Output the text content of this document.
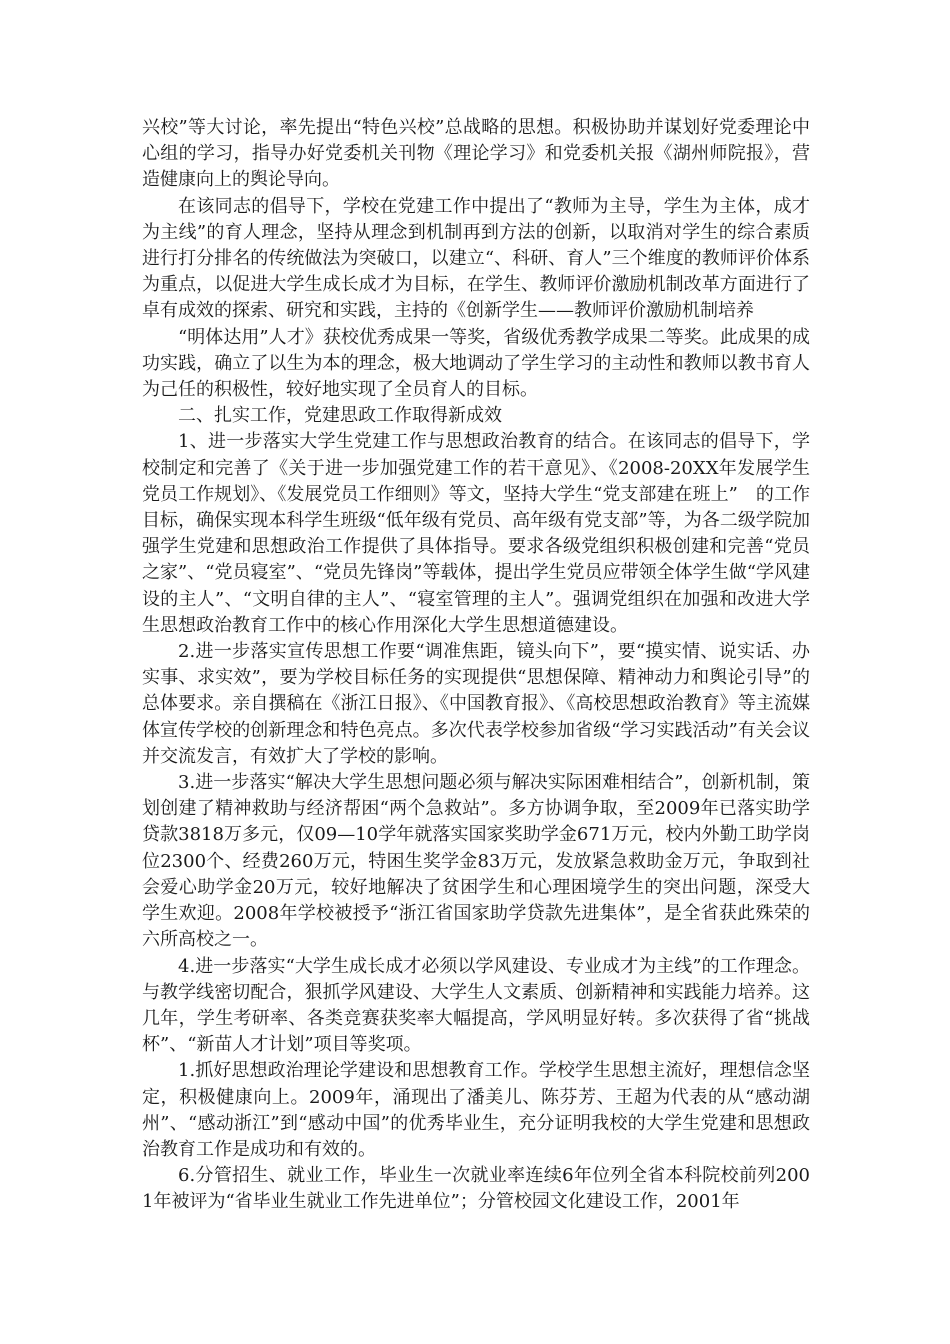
兴校”等大讨论，率先提出“特色兴校”总战略的思想。积极协助并谋划好党委理论中心组的学习，指导办好党委机关刊物《理论学习》和党委机关报《湖州师院报》，营造健康向上的舆论导向。

在该同志的倡导下，学校在党建工作中提出了“教师为主导，学生为主体，成才为主线”的育人理念，坚持从理念到机制再到方法的创新，以取消对学生的综合素质进行打分排名的传统做法为突破口，以建立“、科研、育人”三个维度的教师评价体系为重点，以促进大学生成长成才为目标，在学生、教师评价激励机制改革方面进行了卓有成效的探索、研究和实践，主持的《创新学生——教师评价激励机制培养

“明体达用”人才》获校优秀成果一等奖，省级优秀教学成果二等奖。此成果的成功实践，确立了以生为本的理念，极大地调动了学生学习的主动性和教师以教书育人为己任的积极性，较好地实现了全员育人的目标。

二、扎实工作，党建思政工作取得新成效

1、进一步落实大学生党建工作与思想政治教育的结合。在该同志的倡导下，学校制定和完善了《关于进一步加强党建工作的若干意见》、《2008-20XX年发展学生党员工作规划》、《发展党员工作细则》等文，坚持大学生“党支部建在班上”　的工作目标，确保实现本科学生班级“低年级有党员、高年级有党支部”等，为各二级学院加强学生党建和思想政治工作提供了具体指导。要求各级党组织积极创建和完善“党员之家”、“党员寝室”、“党员先锋岗”等载体，提出学生党员应带领全体学生做“学风建设的主人”、“文明自律的主人”、“寝室管理的主人”。强调党组织在加强和改进大学生思想政治教育工作中的核心作用深化大学生思想道德建设。

2.进一步落实宣传思想工作要“调准焦距，镜头向下”，要“摸实情、说实话、办实事、求实效”，要为学校目标任务的实现提供“思想保障、精神动力和舆论引导”的总体要求。亲自撰稿在《浙江日报》、《中国教育报》、《高校思想政治教育》等主流媒体宣传学校的创新理念和特色亮点。多次代表学校参加省级“学习实践活动”有关会议并交流发言，有效扩大了学校的影响。

3.进一步落实“解决大学生思想问题必须与解决实际困难相结合”，创新机制，策划创建了精神救助与经济帮困“两个急救站”。多方协调争取，至2009年已落实助学贷款3818万多元，仅09—10学年就落实国家奖助学金671万元，校内外勤工助学岗位2300个、经费260万元，特困生奖学金83万元，发放紧急救助金万元，争取到社会爱心助学金20万元，较好地解决了贫困学生和心理困境学生的突出问题，深受大学生欢迎。2008年学校被授予“浙江省国家助学贷款先进集体”，是全省获此殊荣的六所高校之一。

4.进一步落实“大学生成长成才必须以学风建设、专业成才为主线”的工作理念。与教学线密切配合，狠抓学风建设、大学生人文素质、创新精神和实践能力培养。这几年，学生考研率、各类竞赛获奖率大幅提高，学风明显好转。多次获得了省“挑战杯”、“新苗人才计划”项目等奖项。

1.抓好思想政治理论学建设和思想教育工作。学校学生思想主流好，理想信念坚定，积极健康向上。2009年，涌现出了潘美儿、陈芬芳、王超为代表的从“感动湖州”、“感动浙江”到“感动中国”的优秀毕业生，充分证明我校的大学生党建和思想政治教育工作是成功和有效的。

6.分管招生、就业工作，毕业生一次就业率连续6年位列全省本科院校前列2001年被评为“省毕业生就业工作先进单位”；分管校园文化建设工作，2001年
